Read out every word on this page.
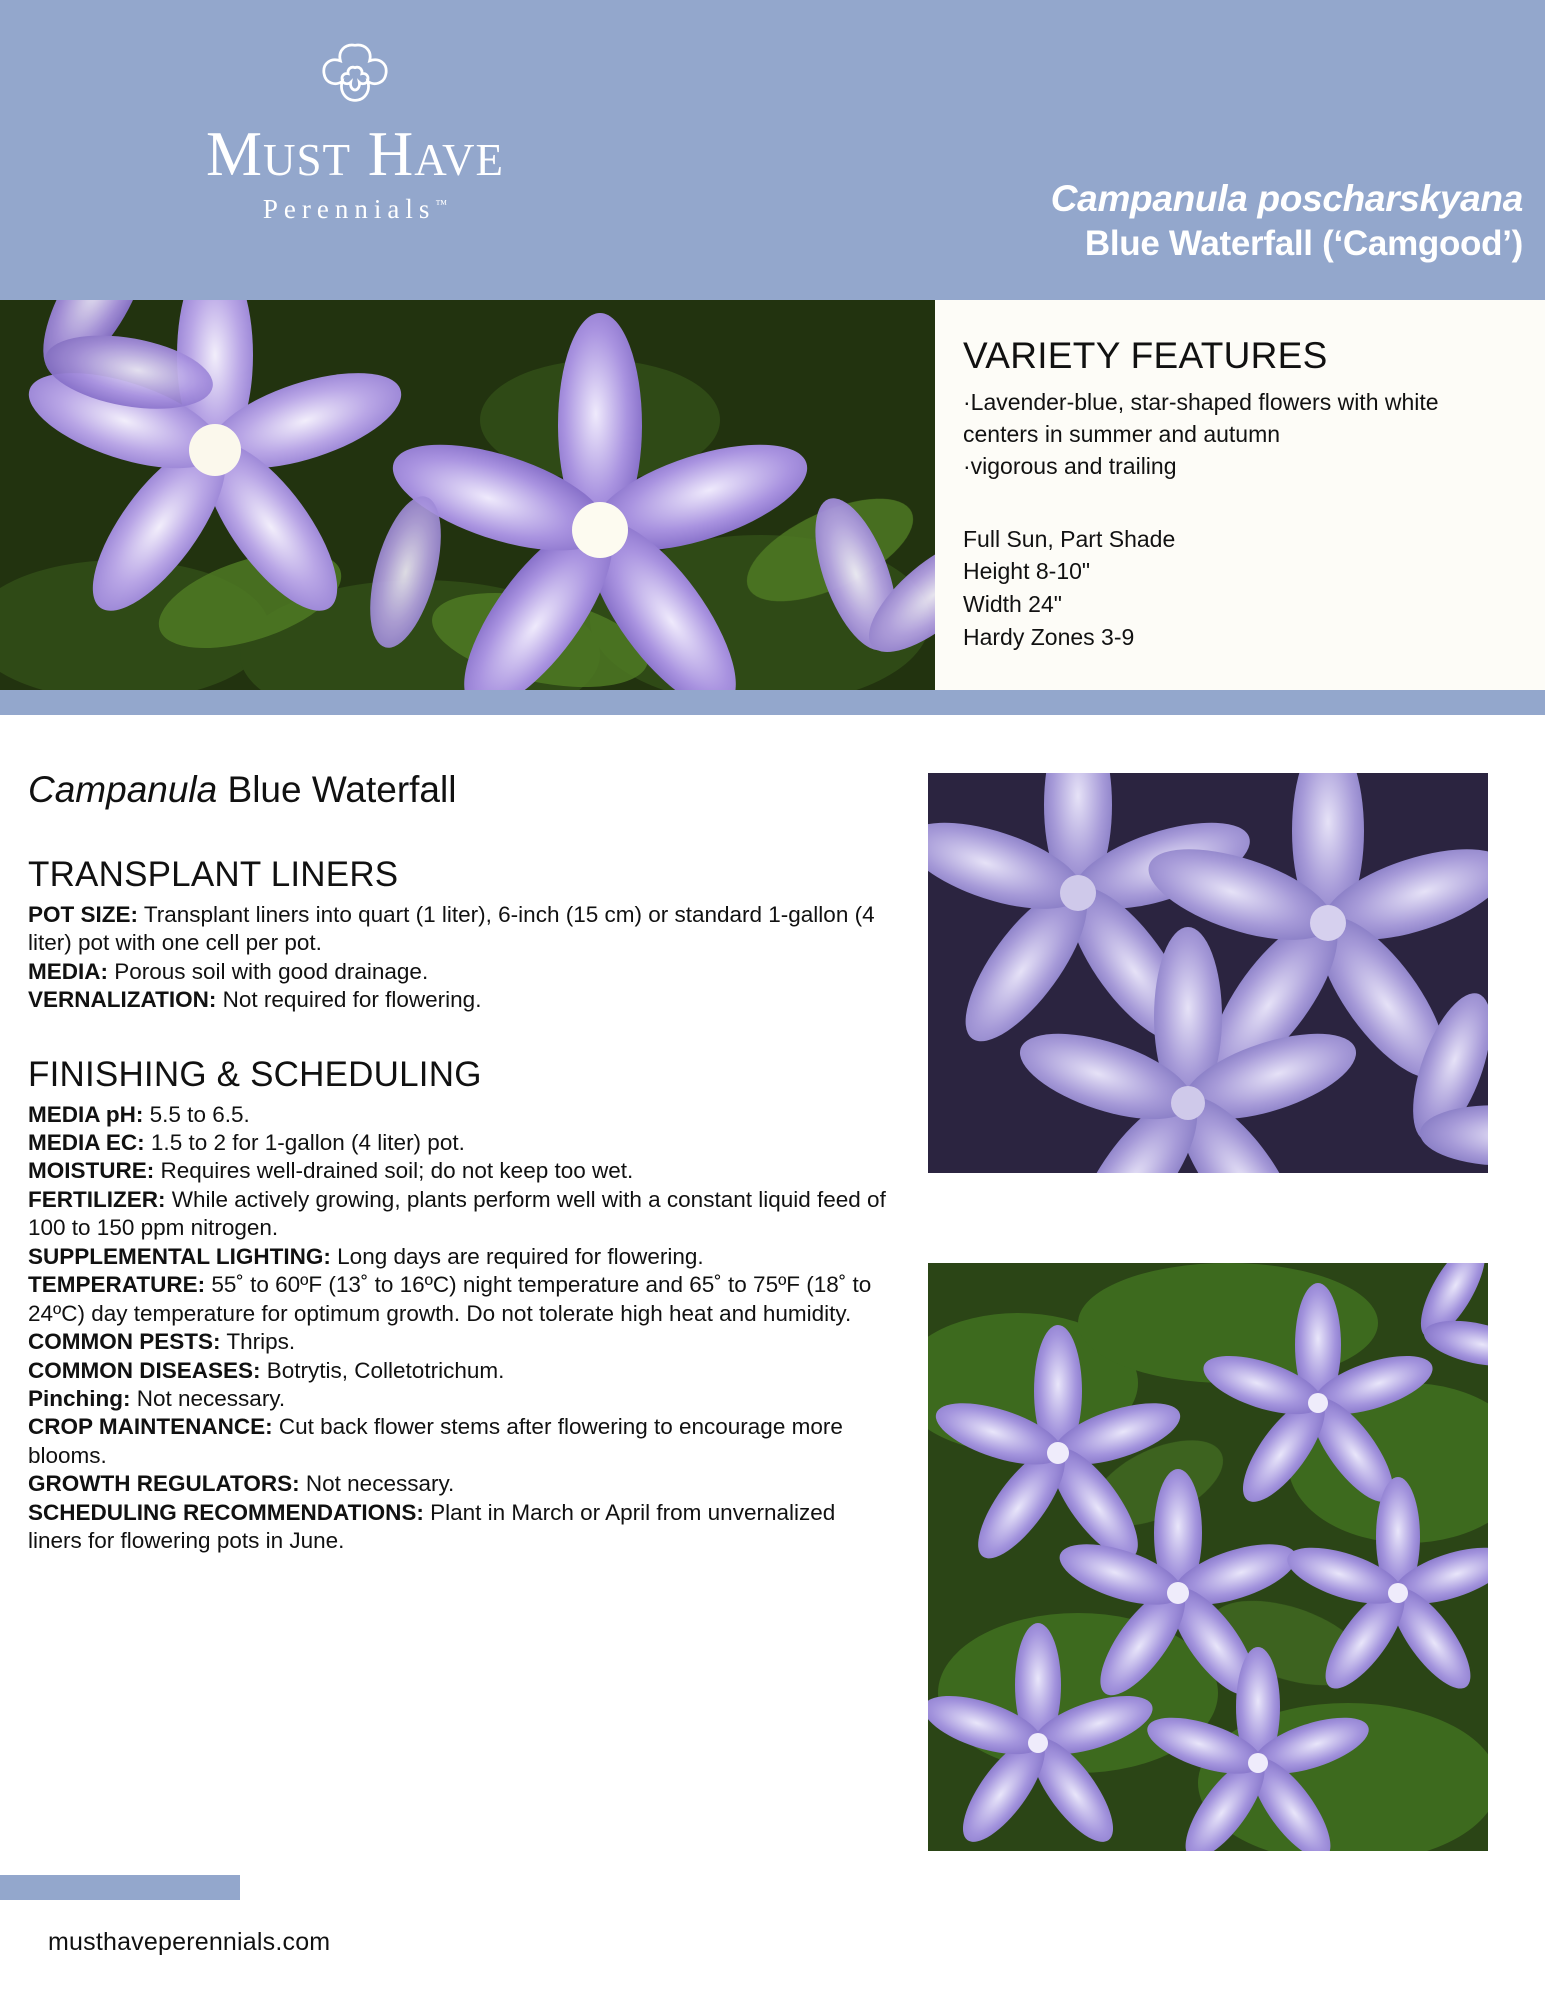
MUST HAVE
Perennials™	Campanula poscharskyana
Blue Waterfall (‘Camgood’)
VARIETY FEATURES
·Lavender-blue, star-shaped flowers with white centers in summer and autumn
·vigorous and trailing
Full Sun, Part Shade
Height 8-10"
Width 24"
Hardy Zones 3-9
Campanula Blue Waterfall
TRANSPLANT LINERS
POT SIZE: Transplant liners into quart (1 liter), 6-inch (15 cm) or standard 1-gallon (4 liter) pot with one cell per pot.
MEDIA: Porous soil with good drainage.
VERNALIZATION: Not required for flowering.
FINISHING & SCHEDULING
MEDIA pH: 5.5 to 6.5.
MEDIA EC: 1.5 to 2 for 1-gallon (4 liter) pot.
MOISTURE: Requires well-drained soil; do not keep too wet.
FERTILIZER: While actively growing, plants perform well with a constant liquid feed of 100 to 150 ppm nitrogen.
SUPPLEMENTAL LIGHTING: Long days are required for flowering.
TEMPERATURE: 55˚ to 60ºF (13˚ to 16ºC) night temperature and 65˚ to 75ºF (18˚ to 24ºC) day temperature for optimum growth. Do not tolerate high heat and humidity.
COMMON PESTS: Thrips.
COMMON DISEASES: Botrytis, Colletotrichum.
Pinching: Not necessary.
CROP MAINTENANCE: Cut back flower stems after flowering to encourage more blooms.
GROWTH REGULATORS: Not necessary.
SCHEDULING RECOMMENDATIONS: Plant in March or April from unvernalized liners for flowering pots in June.
musthaveperennials.com
